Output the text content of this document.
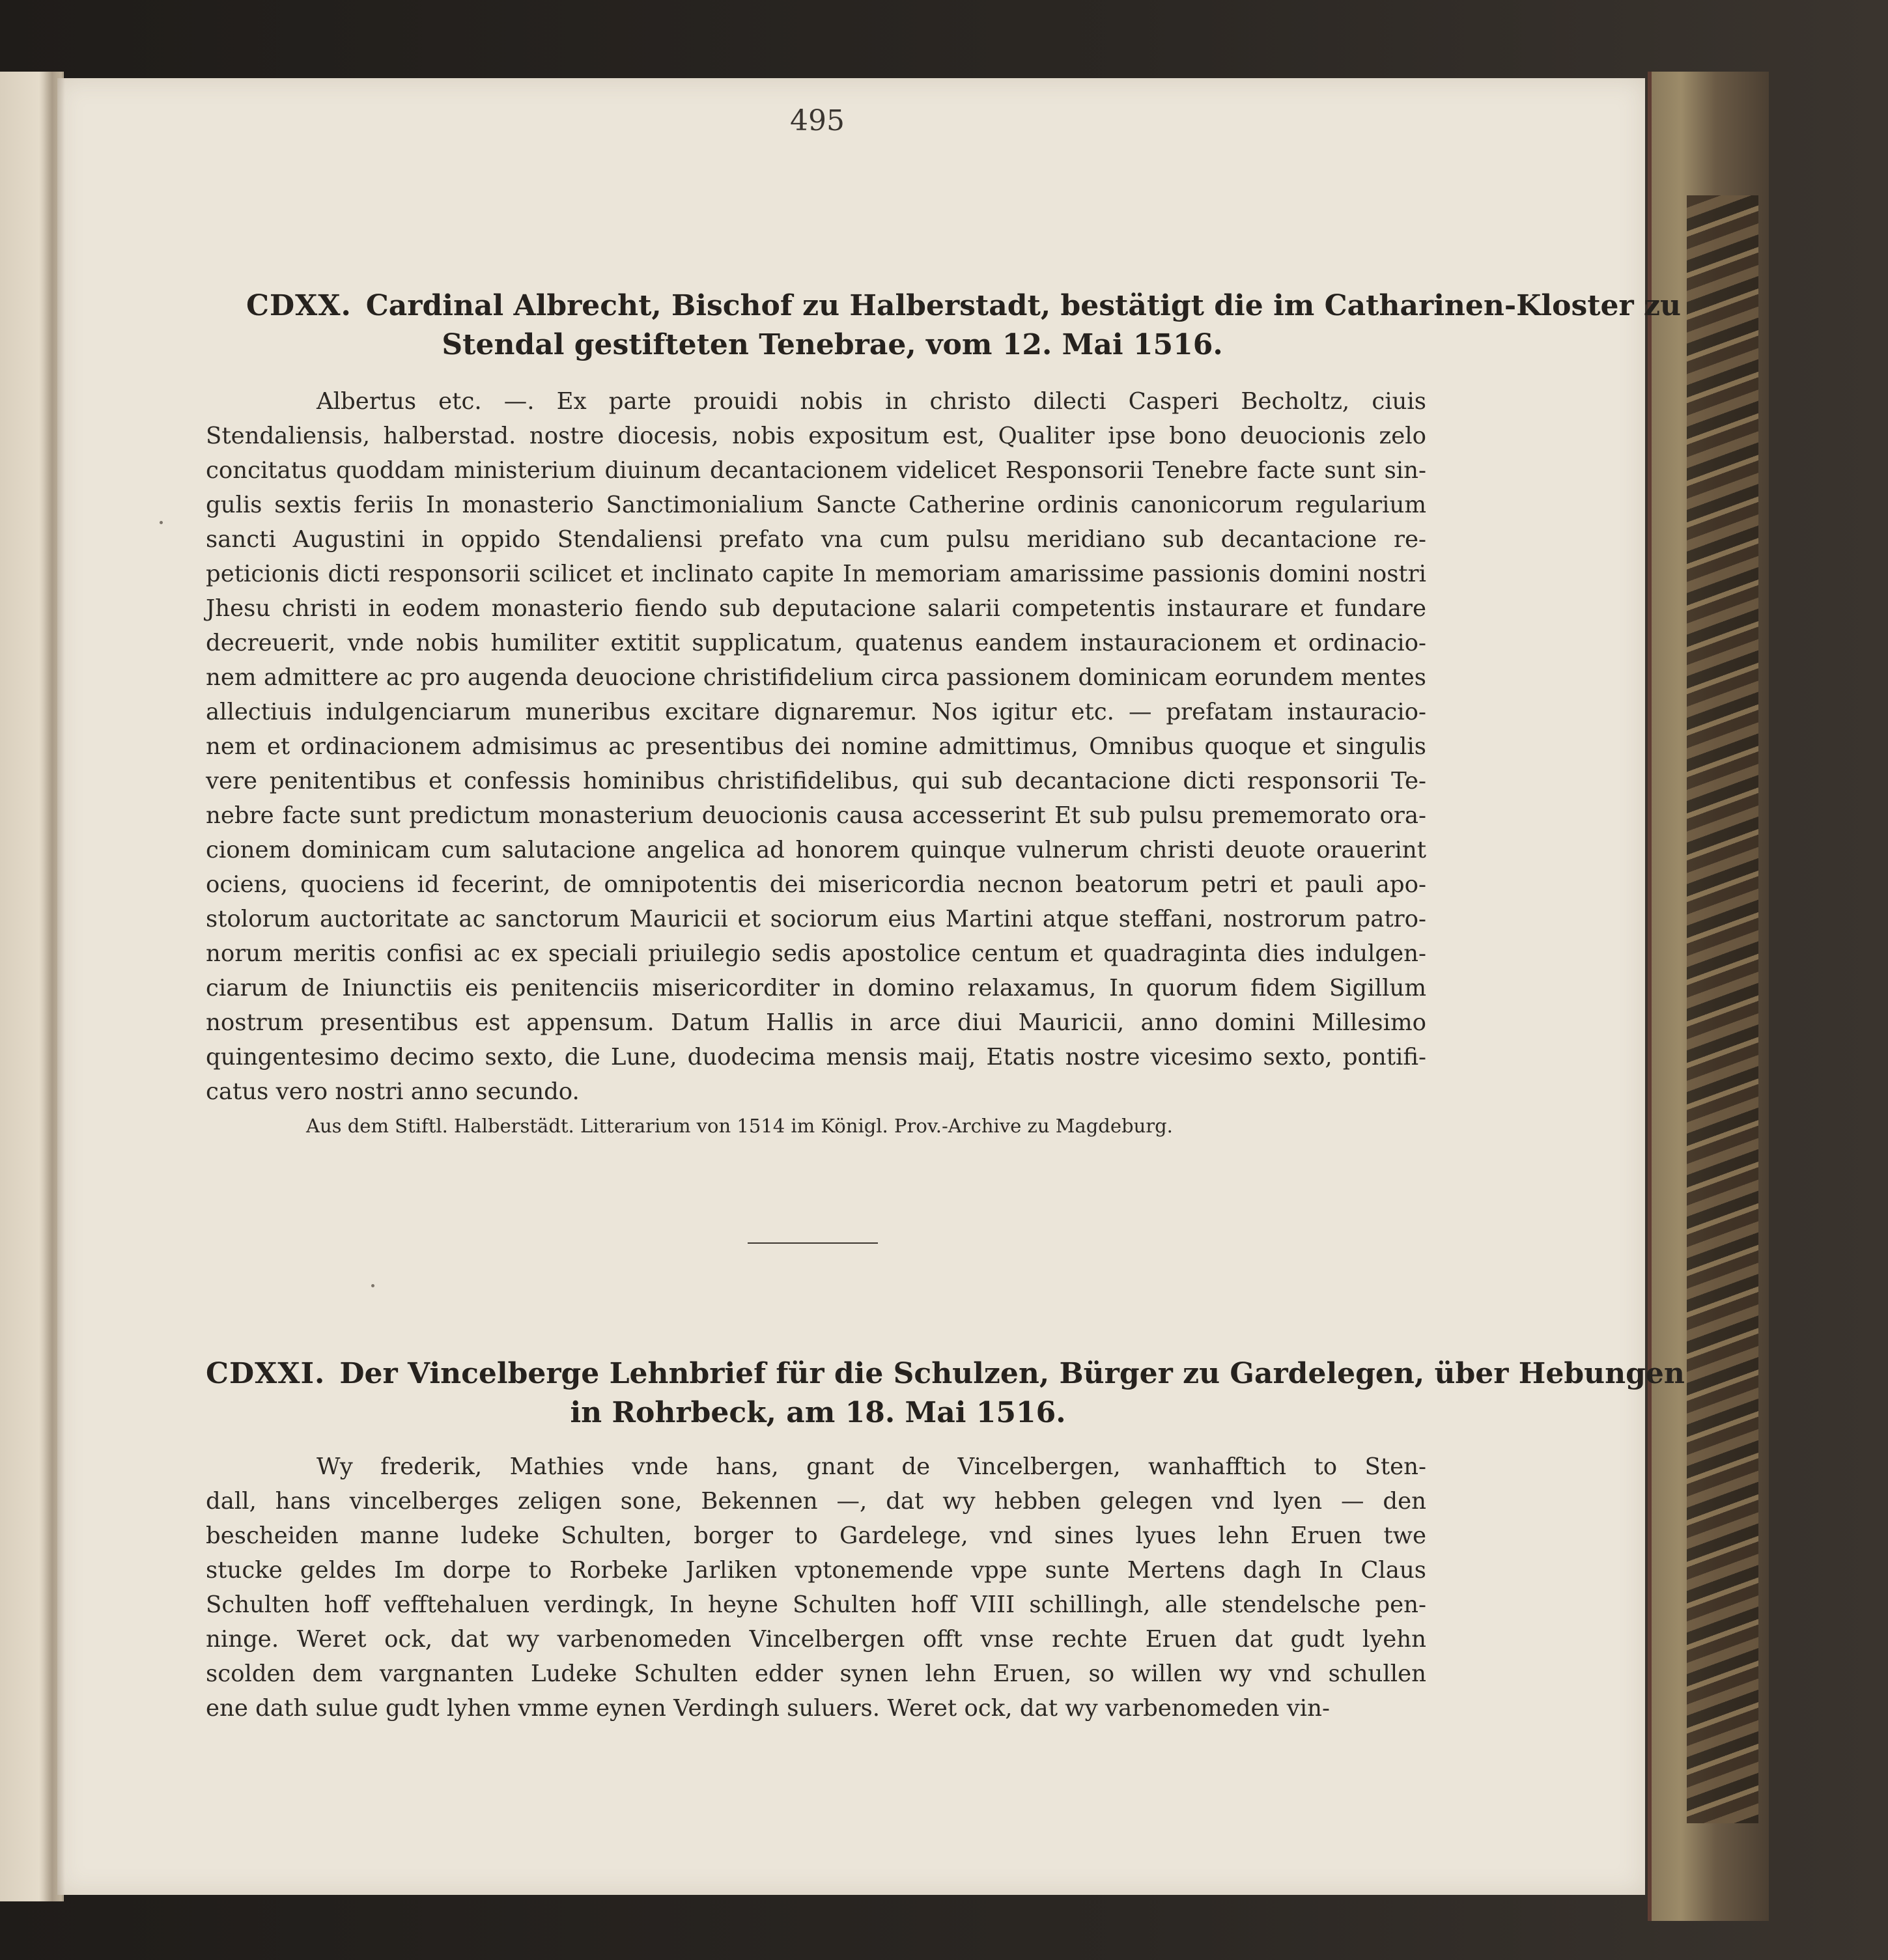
495
CDXX. Cardinal Albrecht, Bischof zu Halberstadt, bestätigt die im Catharinen-Kloster zu
Stendal gestifteten Tenebrae, vom 12. Mai 1516.
Albertus etc. —. Ex parte prouidi nobis in christo dilecti Casperi Becholtz, ciuis
Stendaliensis, halberstad. nostre diocesis, nobis expositum est, Qualiter ipse bono deuocionis zelo
concitatus quoddam ministerium diuinum decantacionem videlicet Responsorii Tenebre facte sunt sin-
gulis sextis feriis In monasterio Sanctimonialium Sancte Catherine ordinis canonicorum regularium
sancti Augustini in oppido Stendaliensi prefato vna cum pulsu meridiano sub decantacione re-
peticionis dicti responsorii scilicet et inclinato capite In memoriam amarissime passionis domini nostri
Jhesu christi in eodem monasterio fiendo sub deputacione salarii competentis instaurare et fundare
decreuerit, vnde nobis humiliter extitit supplicatum, quatenus eandem instauracionem et ordinacio-
nem admittere ac pro augenda deuocione christifidelium circa passionem dominicam eorundem mentes
allectiuis indulgenciarum muneribus excitare dignaremur. Nos igitur etc. — prefatam instauracio-
nem et ordinacionem admisimus ac presentibus dei nomine admittimus, Omnibus quoque et singulis
vere penitentibus et confessis hominibus christifidelibus, qui sub decantacione dicti responsorii Te-
nebre facte sunt predictum monasterium deuocionis causa accesserint Et sub pulsu prememorato ora-
cionem dominicam cum salutacione angelica ad honorem quinque vulnerum christi deuote orauerint
ociens, quociens id fecerint, de omnipotentis dei misericordia necnon beatorum petri et pauli apo-
stolorum auctoritate ac sanctorum Mauricii et sociorum eius Martini atque steffani, nostrorum patro-
norum meritis confisi ac ex speciali priuilegio sedis apostolice centum et quadraginta dies indulgen-
ciarum de Iniunctiis eis penitenciis misericorditer in domino relaxamus, In quorum fidem Sigillum
nostrum presentibus est appensum. Datum Hallis in arce diui Mauricii, anno domini Millesimo
quingentesimo decimo sexto, die Lune, duodecima mensis maij, Etatis nostre vicesimo sexto, pontifi-
catus vero nostri anno secundo.
Aus dem Stiftl. Halberstädt. Litterarium von 1514 im Königl. Prov.-Archive zu Magdeburg.
CDXXI. Der Vincelberge Lehnbrief für die Schulzen, Bürger zu Gardelegen, über Hebungen
in Rohrbeck, am 18. Mai 1516.
Wy frederik, Mathies vnde hans, gnant de Vincelbergen, wanhafftich to Sten-
dall, hans vincelberges zeligen sone, Bekennen —, dat wy hebben gelegen vnd lyen — den
bescheiden manne ludeke Schulten, borger to Gardelege, vnd sines lyues lehn Eruen twe
stucke geldes Im dorpe to Rorbeke Jarliken vptonemende vppe sunte Mertens dagh In Claus
Schulten hoff vefftehaluen verdingk, In heyne Schulten hoff VIII schillingh, alle stendelsche pen-
ninge. Weret ock, dat wy varbenomeden Vincelbergen offt vnse rechte Eruen dat gudt lyehn
scolden dem vargnanten Ludeke Schulten edder synen lehn Eruen, so willen wy vnd schullen
ene dath sulue gudt lyhen vmme eynen Verdingh suluers. Weret ock, dat wy varbenomeden vin-
